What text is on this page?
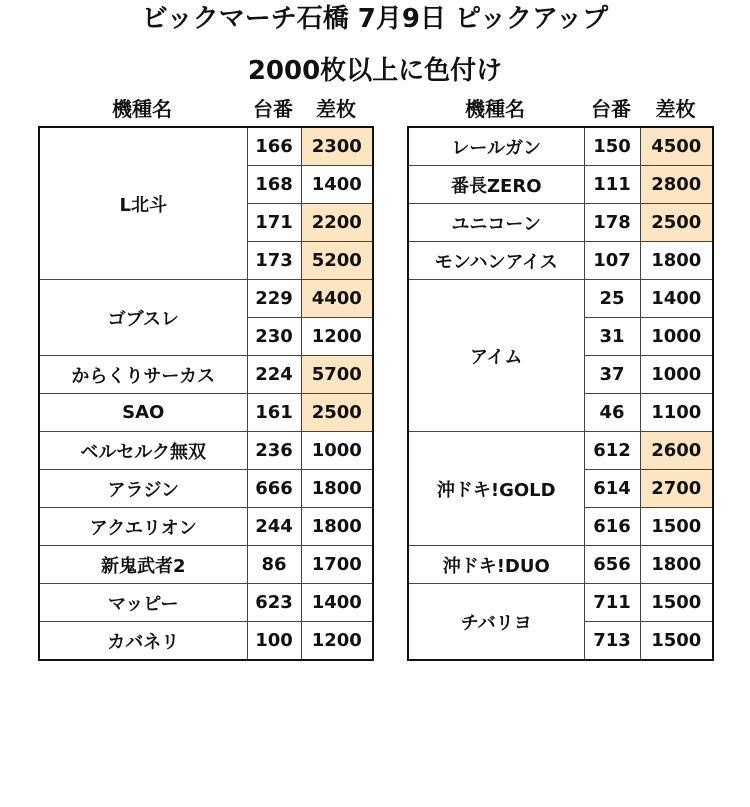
ビックマーチ石橋 7月9日 ピックアップ
2000枚以上に色付け
機種名	台番	差枚	機種名	台番	差枚
L北斗	166	2300
	168	1400
	171	2200
	173	5200
ゴブスレ	229	4400
	230	1200
からくりサーカス	224	5700
SAO	161	2500
ベルセルク無双	236	1000
アラジン	666	1800
アクエリオン	244	1800
新鬼武者2	86	1700
マッピー	623	1400
カバネリ	100	1200
レールガン	150	4500
番長ZERO	111	2800
ユニコーン	178	2500
モンハンアイス	107	1800
アイム	25	1400
	31	1000
	37	1000
	46	1100
沖ドキ!GOLD	612	2600
	614	2700
	616	1500
沖ドキ!DUO	656	1800
チバリヨ	711	1500
	713	1500
